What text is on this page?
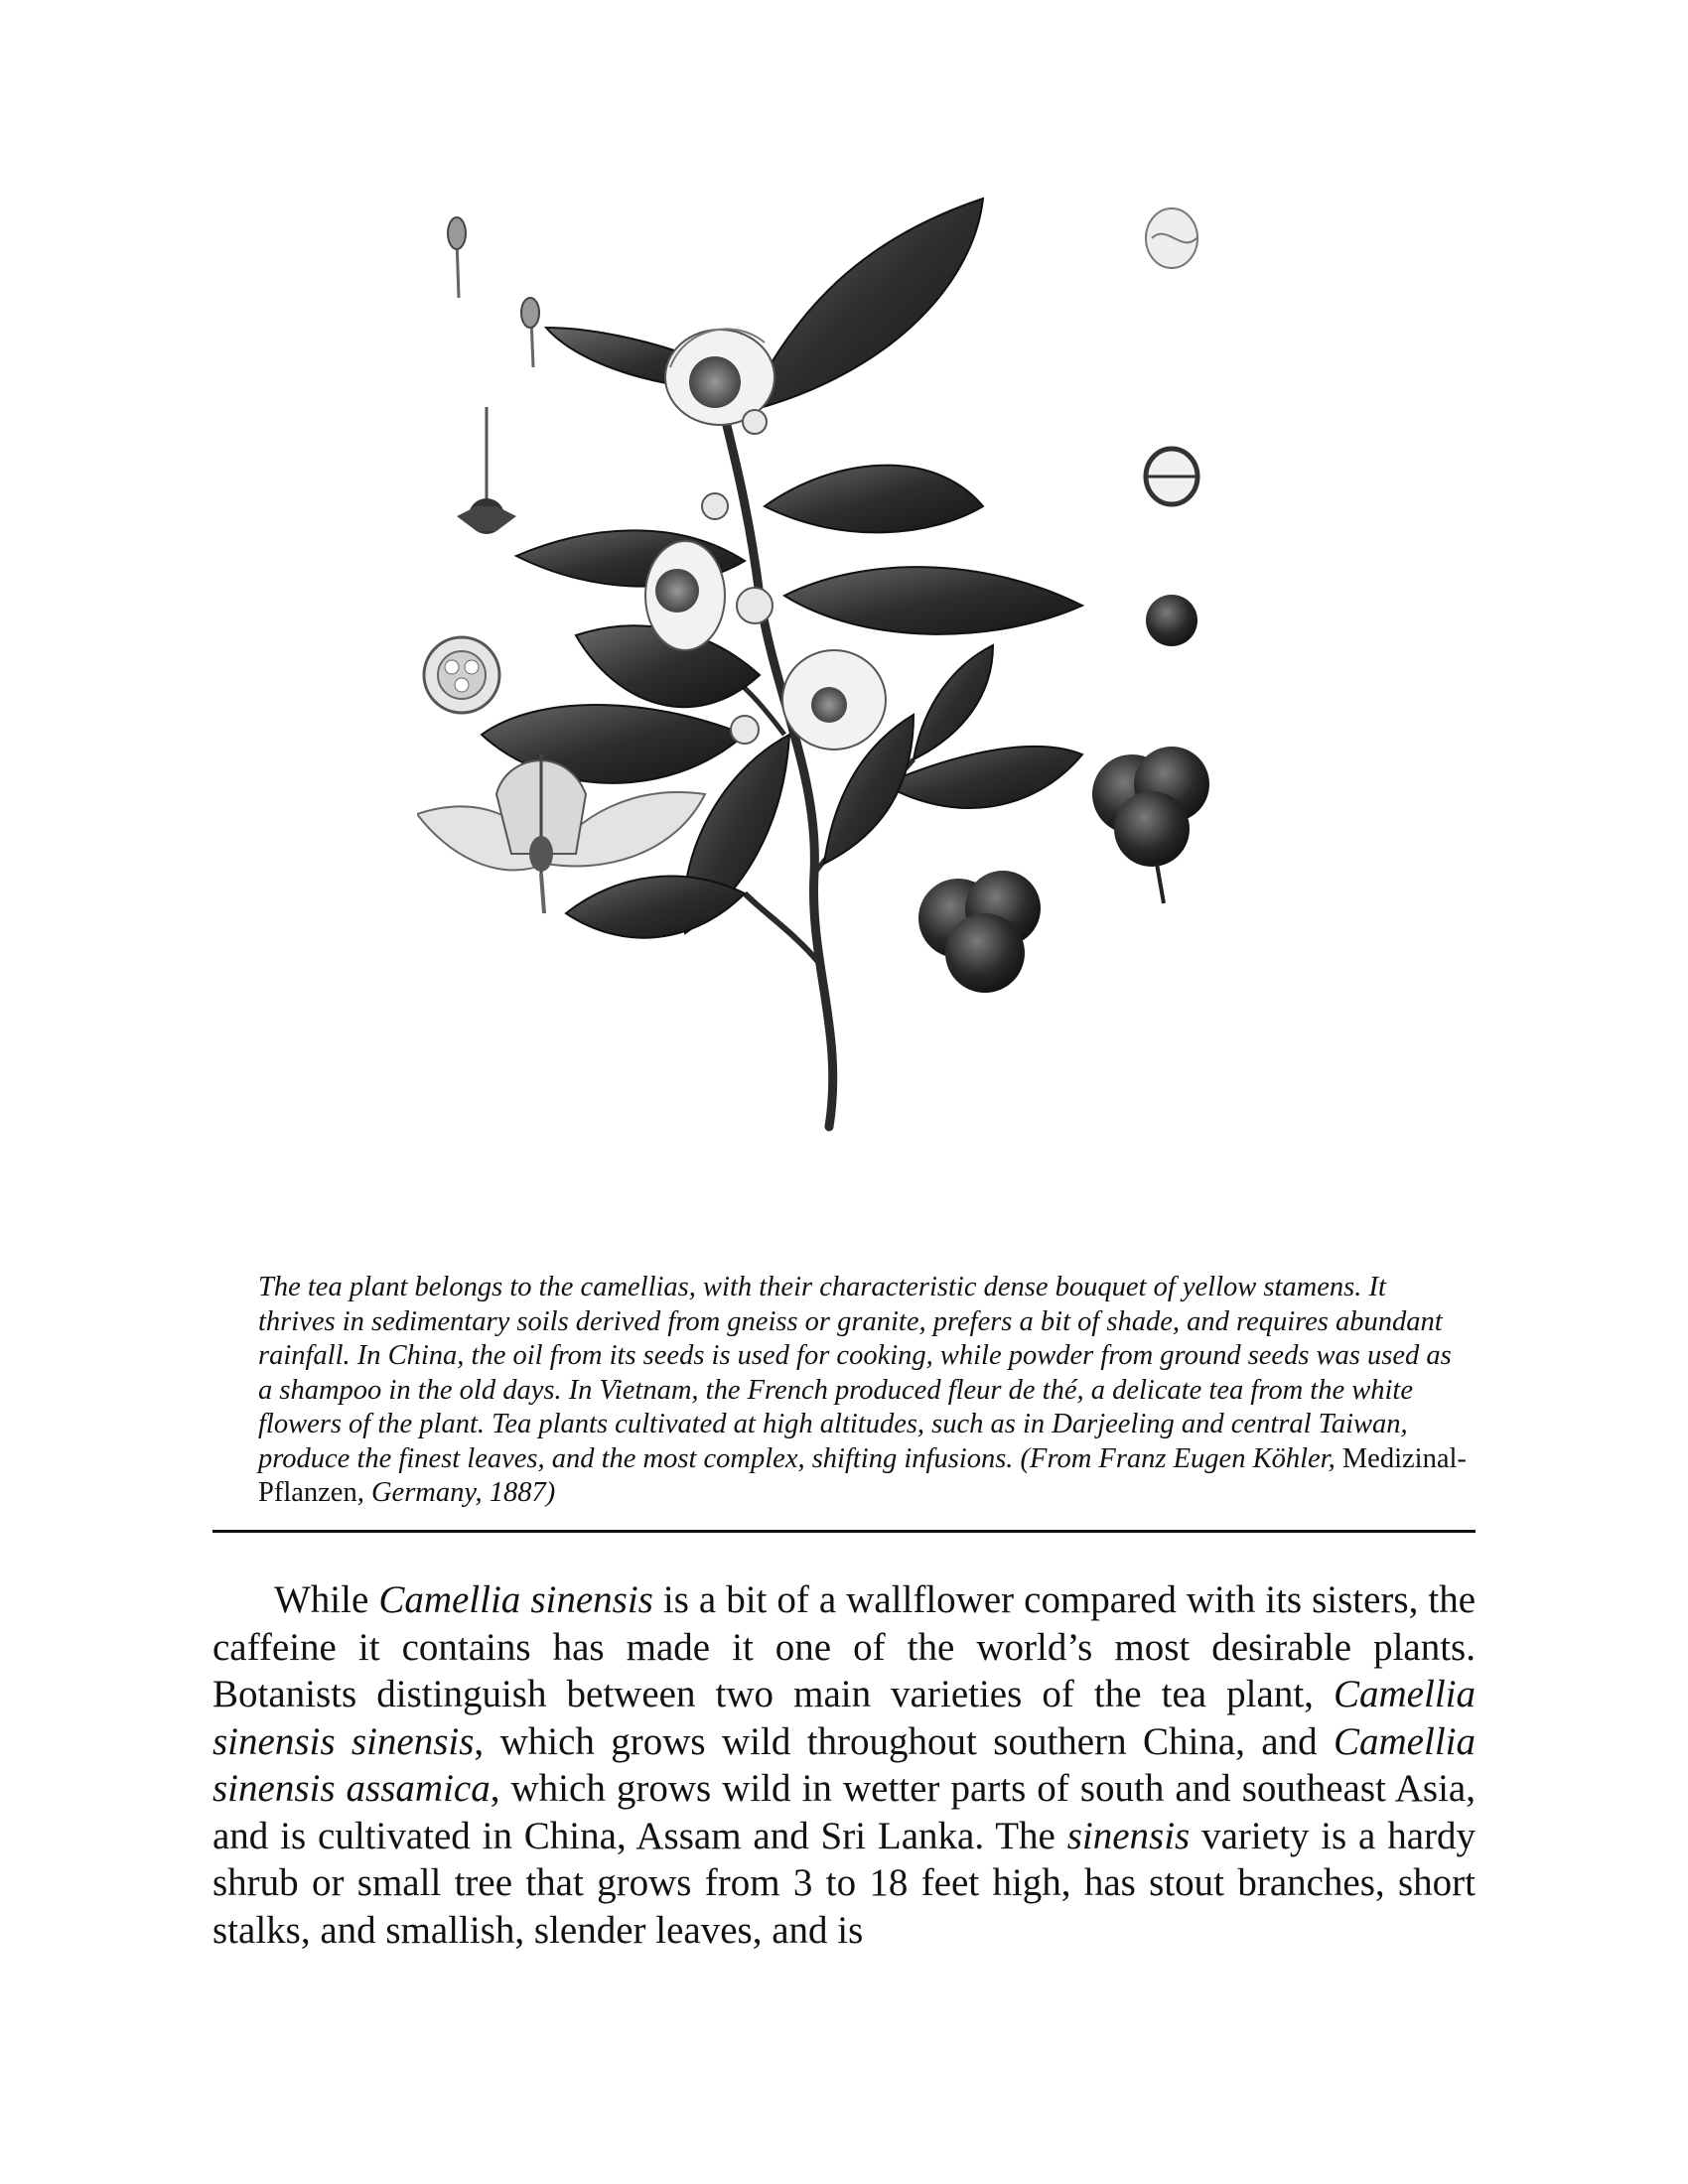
The tea plant belongs to the camellias, with their characteristic dense bouquet of yellow stamens. It thrives in sedimentary soils derived from gneiss or granite, prefers a bit of shade, and requires abundant rainfall. In China, the oil from its seeds is used for cooking, while powder from ground seeds was used as a shampoo in the old days. In Vietnam, the French produced fleur de thé, a delicate tea from the white flowers of the plant. Tea plants cultivated at high altitudes, such as in Darjeeling and central Taiwan, produce the finest leaves, and the most complex, shifting infusions. (From Franz Eugen Köhler, Medizinal-Pflanzen, Germany, 1887)
While Camellia sinensis is a bit of a wallflower compared with its sisters, the caffeine it contains has made it one of the world’s most desirable plants. Botanists distinguish between two main varieties of the tea plant, Camellia sinensis sinensis, which grows wild throughout southern China, and Camellia sinensis assamica, which grows wild in wetter parts of south and southeast Asia, and is cultivated in China, Assam and Sri Lanka. The sinensis variety is a hardy shrub or small tree that grows from 3 to 18 feet high, has stout branches, short stalks, and smallish, slender leaves, and is
